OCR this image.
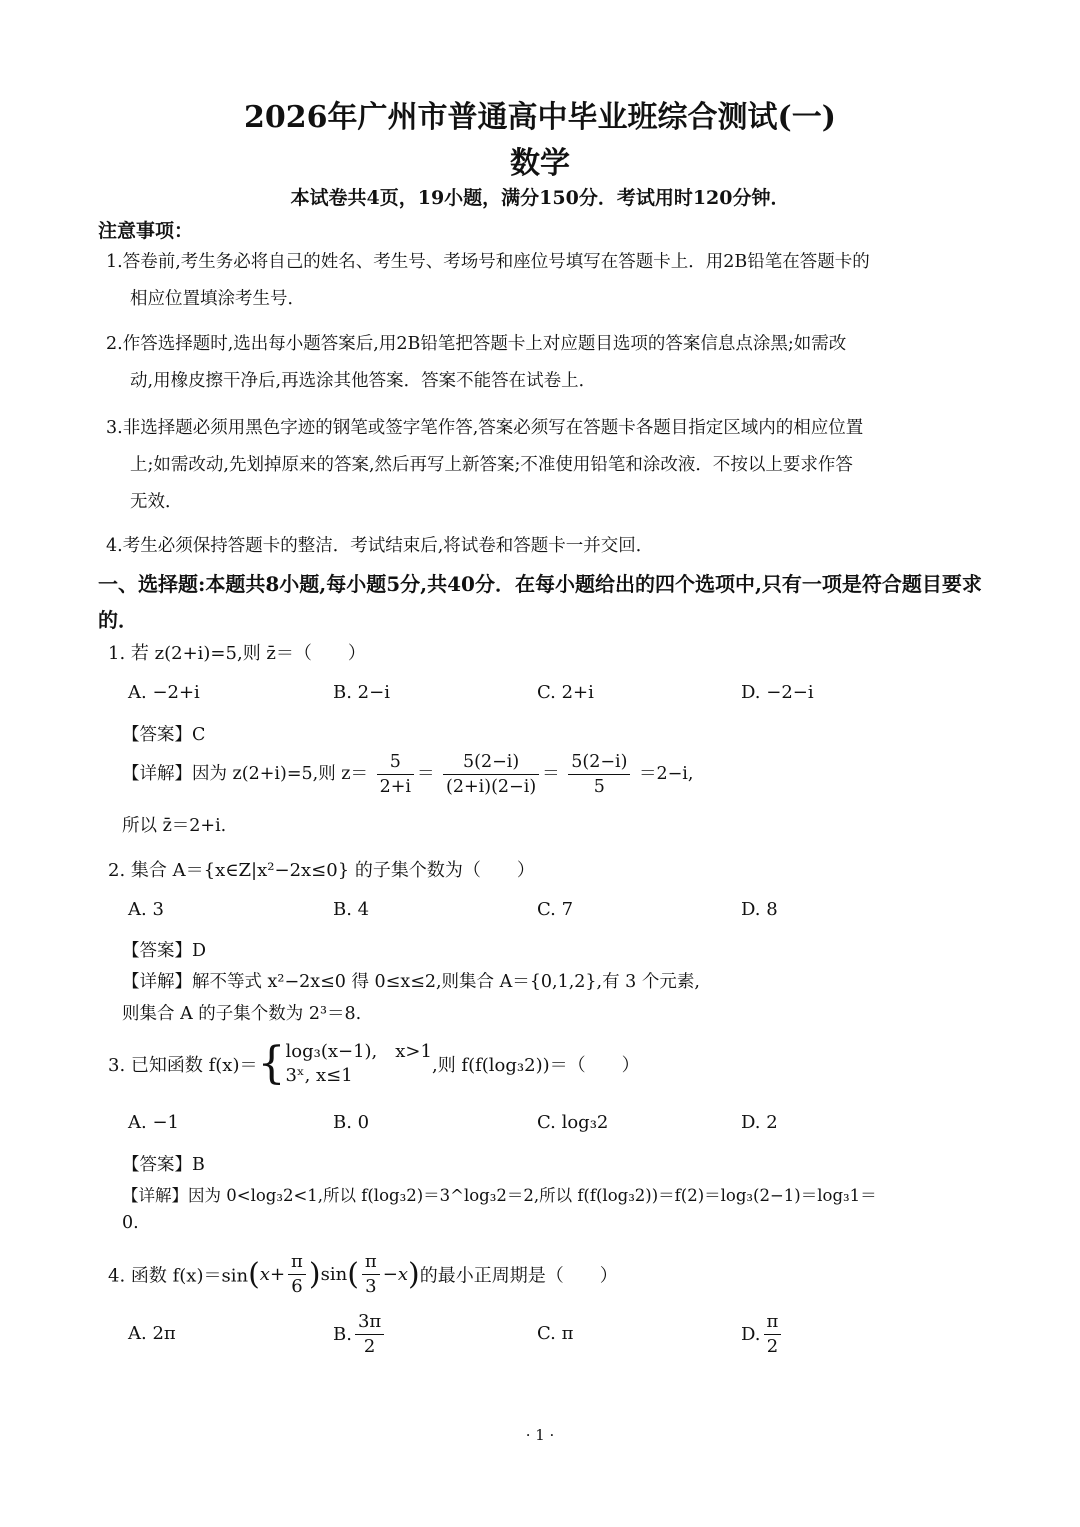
2026年广州市普通高中毕业班综合测试(一)
数学
本试卷共4页，19小题，满分150分．考试用时120分钟．
注意事项：
1.答卷前,考生务必将自己的姓名、考生号、考场号和座位号填写在答题卡上．用2B铅笔在答题卡的
相应位置填涂考生号．
2.作答选择题时,选出每小题答案后,用2B铅笔把答题卡上对应题目选项的答案信息点涂黑;如需改
动,用橡皮擦干净后,再选涂其他答案．答案不能答在试卷上．
3.非选择题必须用黑色字迹的钢笔或签字笔作答,答案必须写在答题卡各题目指定区域内的相应位置
上;如需改动,先划掉原来的答案,然后再写上新答案;不准使用铅笔和涂改液．不按以上要求作答
无效．
4.考生必须保持答题卡的整洁．考试结束后,将试卷和答题卡一并交回．
一、选择题:本题共8小题,每小题5分,共40分．在每小题给出的四个选项中,只有一项是符合题目要求的．
1. 若 z(2+i)=5,则 z̄＝（　　）
A. −2+i	B. 2−i	C. 2+i	D. −2−i
【答案】C
【详解】因为 z(2+i)=5,则 $z= \frac{5}{2+i} = \frac{5(2-i)}{(2+i)(2-i)} = \frac{5(2-i)}{5} =2-i$,
所以 z̄＝2+i.
2. 集合 A＝{x∈Z|x²−2x≤0} 的子集个数为（　　）
A. 3	B. 4	C. 7	D. 8
【答案】D
【详解】解不等式 x²−2x≤0 得 0≤x≤2,则集合 A＝{0,1,2},有 3 个元素,
则集合 A 的子集个数为 2³＝8.
3. 已知函数 f(x)＝{ log₃(x−1),　x>1
3ˣ, x≤1	,则 f(f(log₃2))＝（　　）
A. −1	B. 0	C. log₃2	D. 2
【答案】B
【详解】因为 0<log₃2<1,所以 f(log₃2)＝3^log₃2＝2,所以 f(f(log₃2))＝f(2)＝log₃(2−1)＝log₃1＝
0.
4. 函数 $f(x)=\sin(x+ \frac{\pi}{6} )\sin( \frac{\pi}{3} -x)$的最小正周期是（　　）
A. 2π	B. $\frac{3\pi}{2}$	C. π	D. $\frac{\pi}{2}$
· 1 ·
